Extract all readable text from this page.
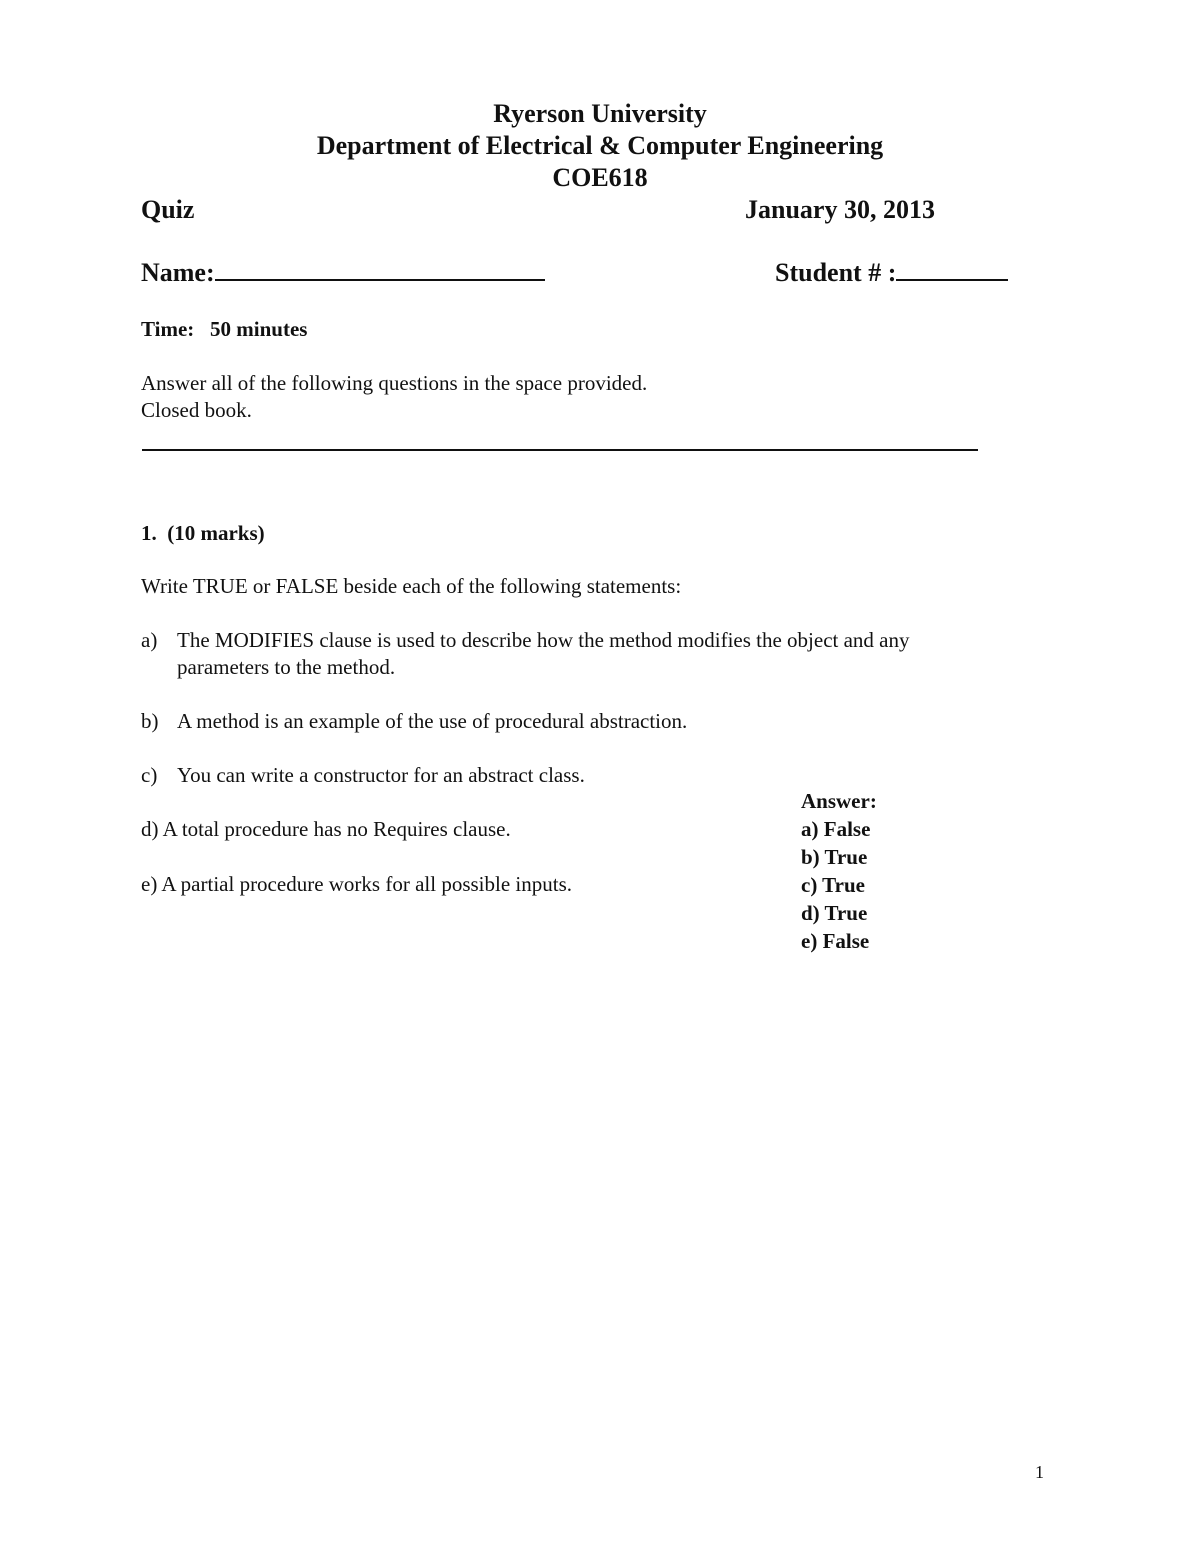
Ryerson University
Department of Electrical & Computer Engineering
COE618
Quiz	January 30, 2013
Name:	Student # :
Time: 50 minutes
Answer all of the following questions in the space provided.
Closed book.
1. (10 marks)
Write TRUE or FALSE beside each of the following statements:
a) The MODIFIES clause is used to describe how the method modifies the object and any
parameters to the method.
b) A method is an example of the use of procedural abstraction.
c) You can write a constructor for an abstract class.
d) A total procedure has no Requires clause.
e) A partial procedure works for all possible inputs.
Answer:
a) False
b) True
c) True
d) True
e) False
1
